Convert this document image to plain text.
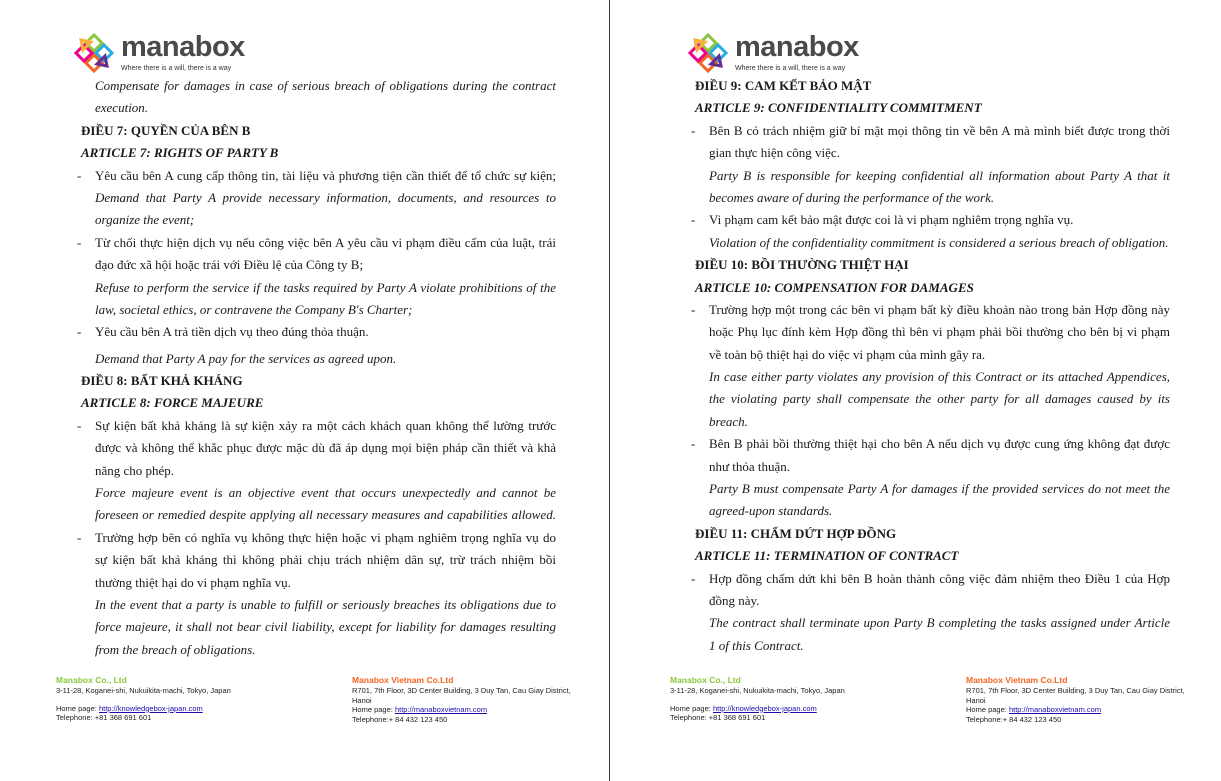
manabox
Where there is a will, there is a way
Compensate for damages in case of serious breach of obligations during the contract
execution.
ĐIỀU 7: QUYỀN CỦA BÊN B
ARTICLE 7: RIGHTS OF PARTY B
- Yêu cầu bên A cung cấp thông tin, tài liệu và phương tiện cần thiết để tổ chức sự kiện;
Demand that Party A provide necessary information, documents, and resources to
organize the event;
- Từ chối thực hiện dịch vụ nếu công việc bên A yêu cầu vi phạm điều cấm của luật, trái
đạo đức xã hội hoặc trái với Điều lệ của Công ty B;
Refuse to perform the service if the tasks required by Party A violate prohibitions of the
law, societal ethics, or contravene the Company B's Charter;
- Yêu cầu bên A trả tiền dịch vụ theo đúng thỏa thuận.
Demand that Party A pay for the services as agreed upon.
ĐIỀU 8: BẤT KHẢ KHÁNG
ARTICLE 8: FORCE MAJEURE
- Sự kiện bất khả kháng là sự kiện xảy ra một cách khách quan không thể lường trước
được và không thể khắc phục được mặc dù đã áp dụng mọi biện pháp cần thiết và khả
năng cho phép.
Force majeure event is an objective event that occurs unexpectedly and cannot be
foreseen or remedied despite applying all necessary measures and capabilities allowed.
- Trường hợp bên có nghĩa vụ không thực hiện hoặc vi phạm nghiêm trọng nghĩa vụ do
sự kiện bất khả kháng thì không phải chịu trách nhiệm dân sự, trừ trách nhiệm bồi
thường thiệt hại do vi phạm nghĩa vụ.
In the event that a party is unable to fulfill or seriously breaches its obligations due to
force majeure, it shall not bear civil liability, except for liability for damages resulting
from the breach of obligations.
Manabox Co., Ltd
3-11-28, Koganei-shi, Nukuikita-machi, Tokyo, Japan
Home page: http://knowledgebox-japan.com
Telephone: +81 368 691 601
Manabox Vietnam Co.Ltd
R701, 7th Floor, 3D Center Building, 3 Duy Tan, Cau Giay District,
Hanoi
Home page: http://manaboxvietnam.com
Telephone:+ 84 432 123 450
manabox
Where there is a will, there is a way
ĐIỀU 9: CAM KẾT BẢO MẬT
ARTICLE 9: CONFIDENTIALITY COMMITMENT
- Bên B có trách nhiệm giữ bí mật mọi thông tin về bên A mà mình biết được trong thời
gian thực hiện công việc.
Party B is responsible for keeping confidential all information about Party A that it
becomes aware of during the performance of the work.
- Vi phạm cam kết bảo mật được coi là vi phạm nghiêm trọng nghĩa vụ.
Violation of the confidentiality commitment is considered a serious breach of obligation.
ĐIỀU 10: BỒI THƯỜNG THIỆT HẠI
ARTICLE 10: COMPENSATION FOR DAMAGES
- Trường hợp một trong các bên vi phạm bất kỳ điều khoản nào trong bản Hợp đồng này
hoặc Phụ lục đính kèm Hợp đồng thì bên vi phạm phải bồi thường cho bên bị vi phạm
về toàn bộ thiệt hại do việc vi phạm của mình gây ra.
In case either party violates any provision of this Contract or its attached Appendices,
the violating party shall compensate the other party for all damages caused by its
breach.
- Bên B phải bồi thường thiệt hại cho bên A nếu dịch vụ được cung ứng không đạt được
như thỏa thuận.
Party B must compensate Party A for damages if the provided services do not meet the
agreed-upon standards.
ĐIỀU 11: CHẤM DỨT HỢP ĐỒNG
ARTICLE 11: TERMINATION OF CONTRACT
- Hợp đồng chấm dứt khi bên B hoàn thành công việc đảm nhiệm theo Điều 1 của Hợp
đồng này.
The contract shall terminate upon Party B completing the tasks assigned under Article
1 of this Contract.
Manabox Co., Ltd
3-11-28, Koganei-shi, Nukuikita-machi, Tokyo, Japan
Home page: http://knowledgebox-japan.com
Telephone: +81 368 691 601
Manabox Vietnam Co.Ltd
R701, 7th Floor, 3D Center Building, 3 Duy Tan, Cau Giay District,
Hanoi
Home page: http://manaboxvietnam.com
Telephone:+ 84 432 123 450
